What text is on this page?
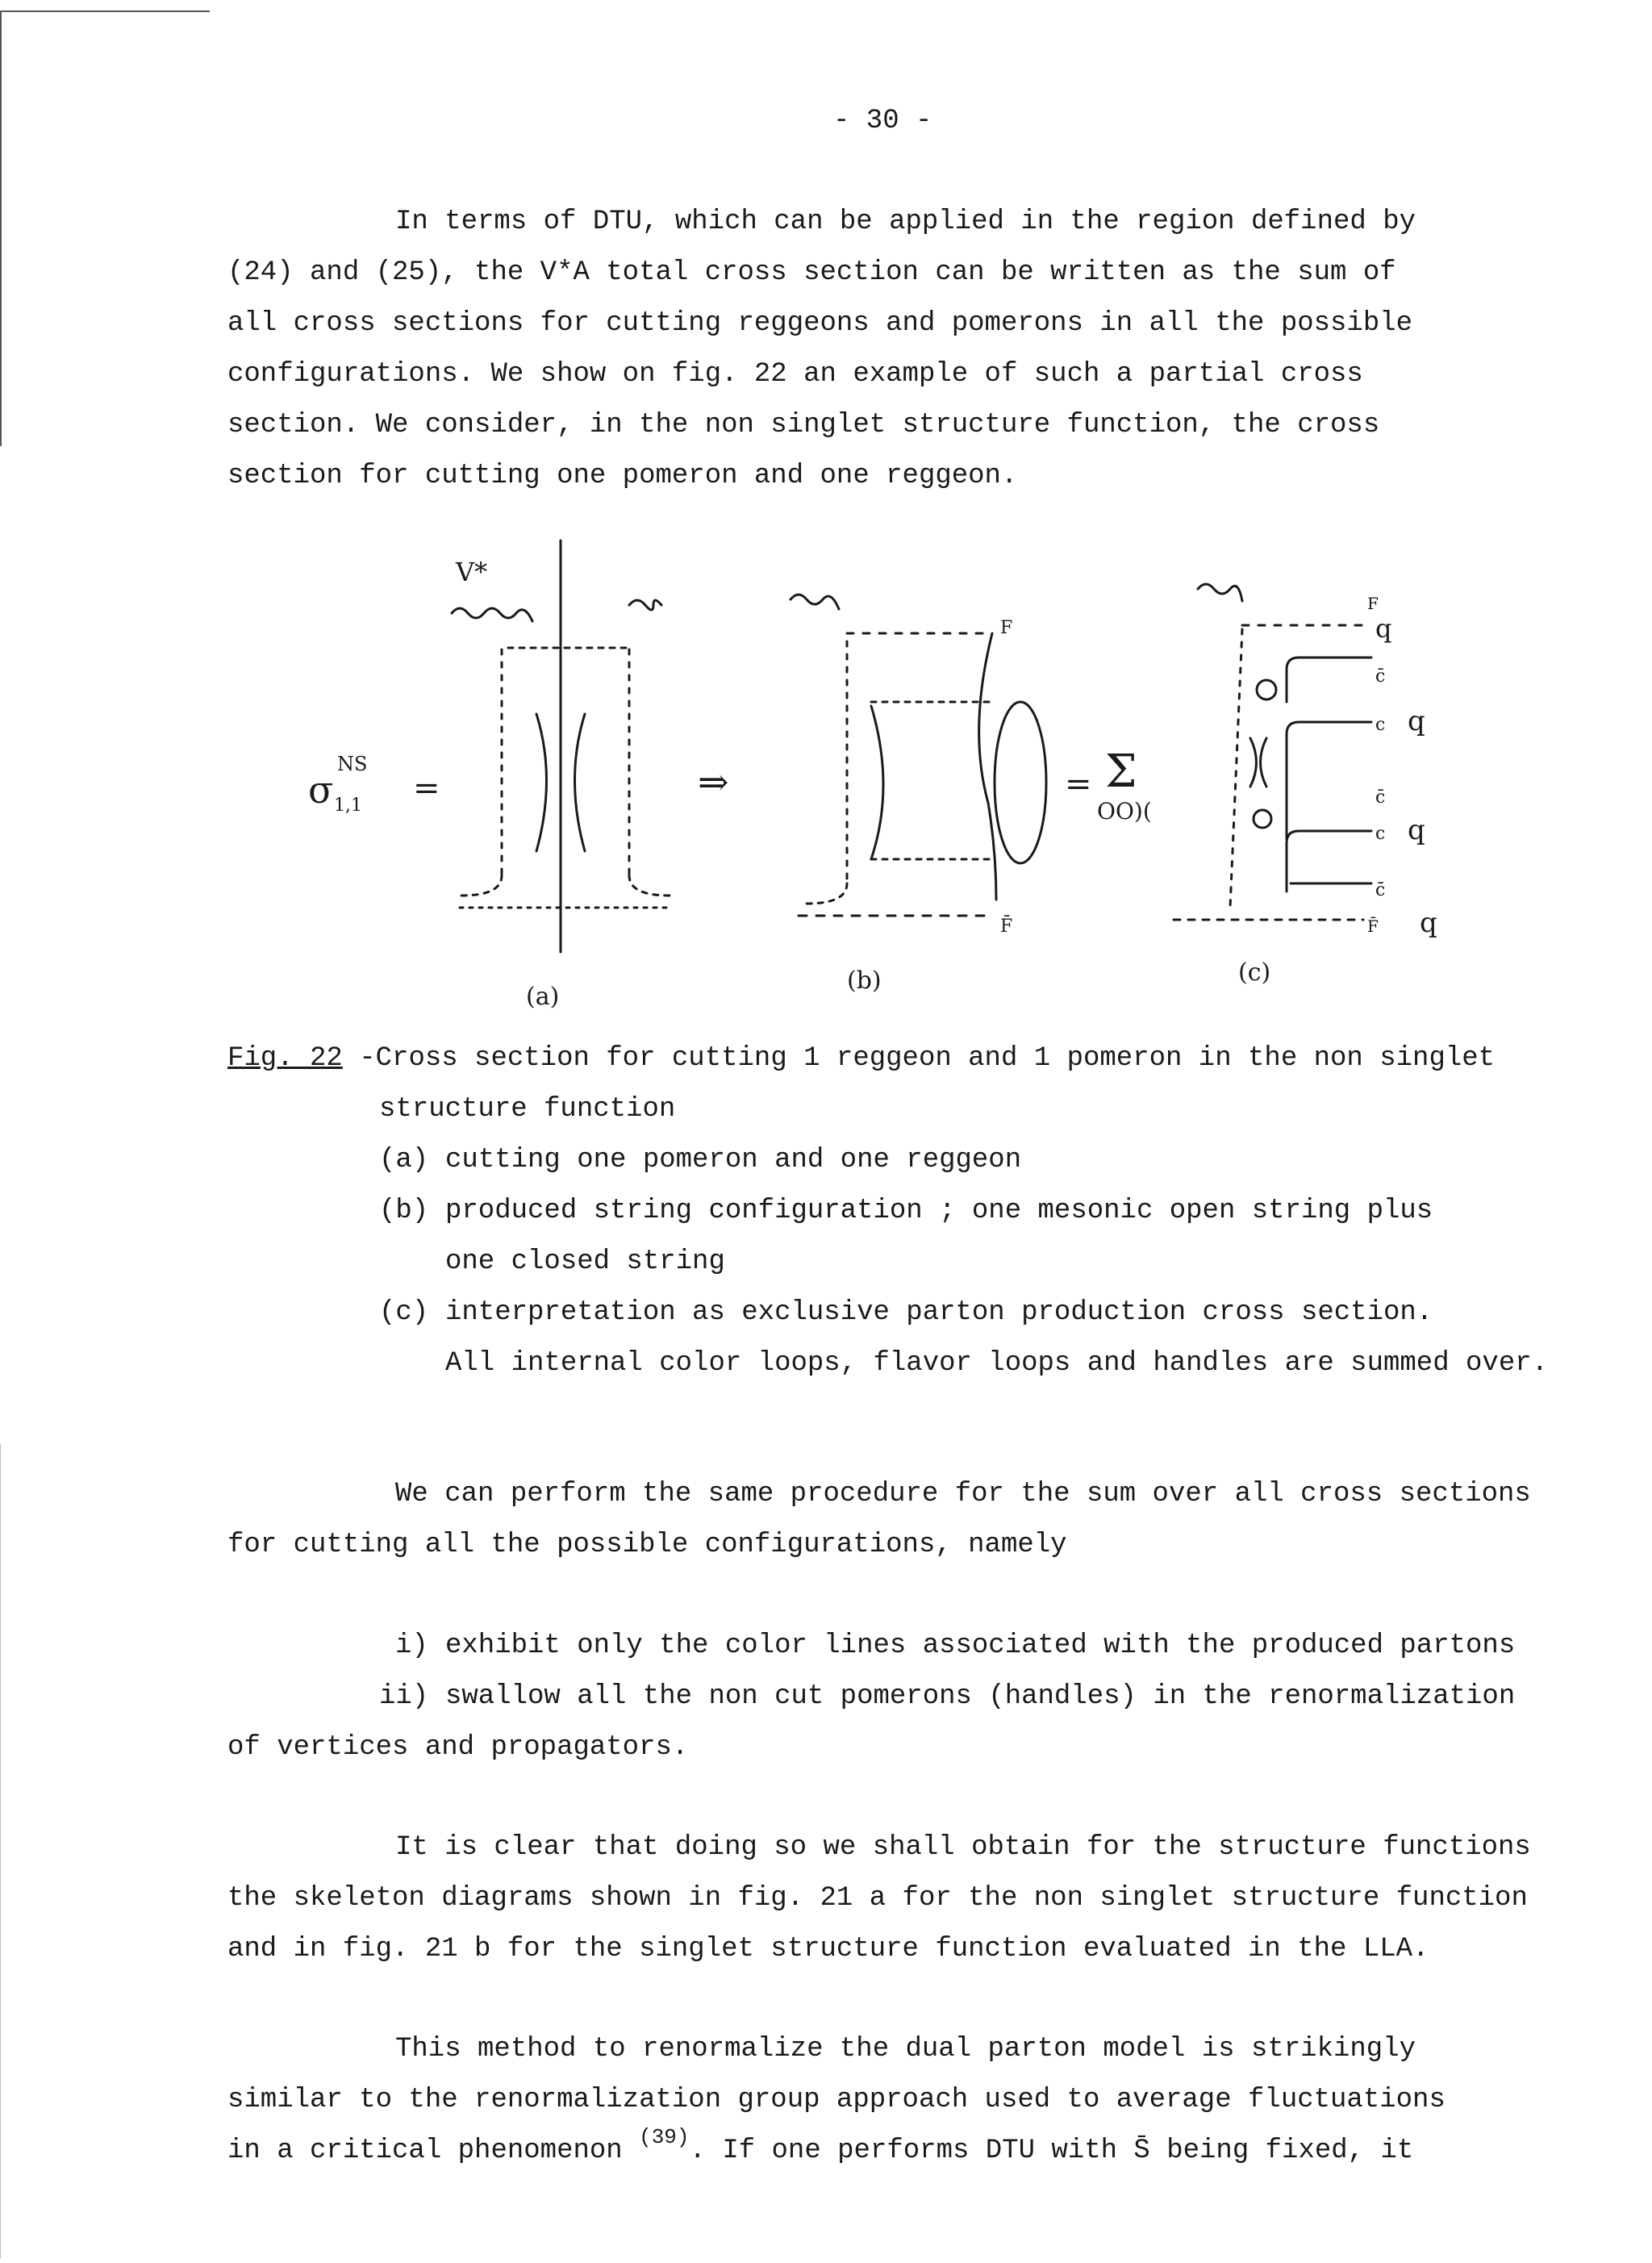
- 30 -
In terms of DTU, which can be applied in the region defined by
(24) and (25), the V*A total cross section can be written as the sum of
all cross sections for cutting reggeons and pomerons in all the possible
configurations. We show on fig. 22 an example of such a partial cross
section. We consider, in the non singlet structure function, the cross
section for cutting one pomeron and one reggeon.
V*
σ
NS
1,1 =
(a)
⇒
F
F̄
(b)
= Σ
OO)(
F
q
c̄
c q
c̄
c q
c̄
F̄ q
(c)
Fig. 22 -Cross section for cutting 1 reggeon and 1 pomeron in the non singlet
structure function
(a) cutting one pomeron and one reggeon
(b) produced string configuration ; one mesonic open string plus
one closed string
(c) interpretation as exclusive parton production cross section.
All internal color loops, flavor loops and handles are summed over.
We can perform the same procedure for the sum over all cross sections
for cutting all the possible configurations, namely
i) exhibit only the color lines associated with the produced partons
ii) swallow all the non cut pomerons (handles) in the renormalization
of vertices and propagators.
It is clear that doing so we shall obtain for the structure functions
the skeleton diagrams shown in fig. 21 a for the non singlet structure function
and in fig. 21 b for the singlet structure function evaluated in the LLA.
This method to renormalize the dual parton model is strikingly
similar to the renormalization group approach used to average fluctuations
in a critical phenomenon $^{(39)}$. If one performs DTU with S̄ being fixed, it
